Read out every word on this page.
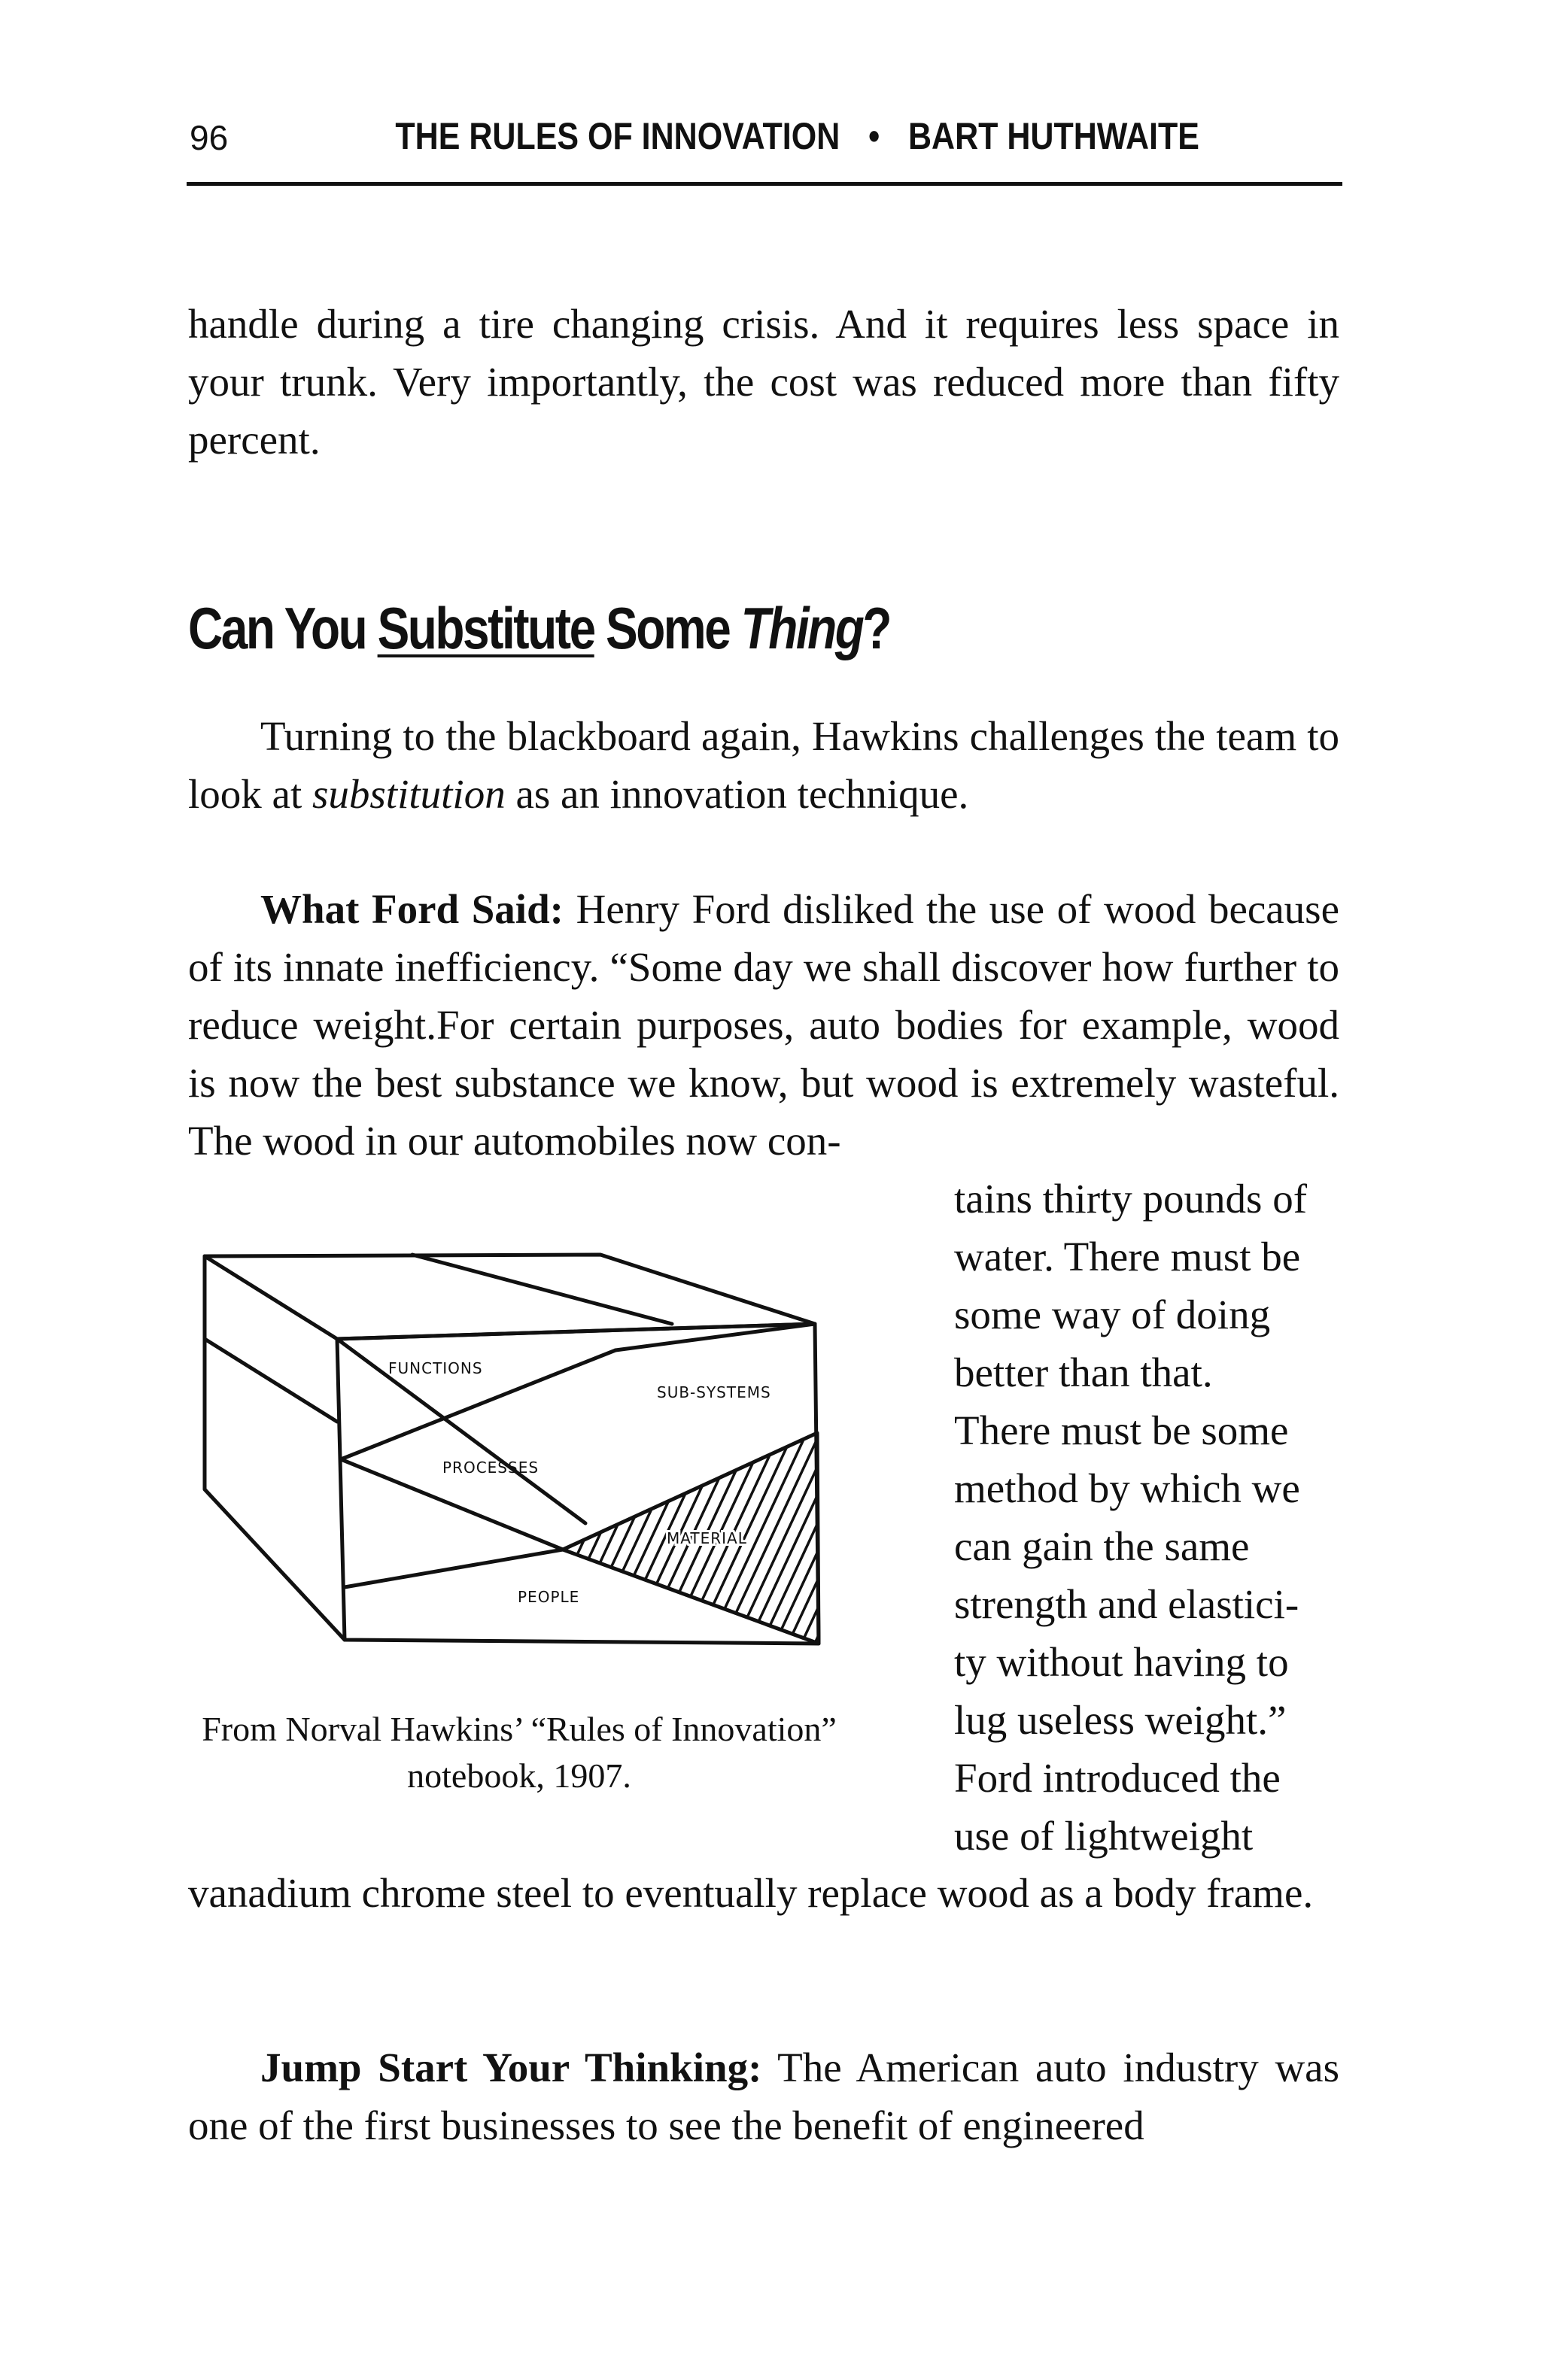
96	THE RULES OF INNOVATION • BART HUTHWAITE

handle during a tire changing crisis. And it requires less space in your trunk. Very importantly, the cost was reduced more than fifty percent.

Can You Substitute Some Thing?

Turning to the blackboard again, Hawkins challenges the team to look at substitution as an innovation technique.

What Ford Said: Henry Ford disliked the use of wood because of its innate inefficiency. “Some day we shall discover how further to reduce weight.For certain purposes, auto bodies for example, wood is now the best substance we know, but wood is extremely wasteful. The wood in our automobiles now con-

tains thirty pounds of
water. There must be
some way of doing
better than that.
There must be some
method by which we
can gain the same
strength and elastici-
ty without having to
lug useless weight.”
Ford introduced the
use of lightweight

vanadium chrome steel to eventually replace wood as a body frame.

FUNCTIONS
SUB-SYSTEMS
PROCESSES
MATERIAL
PEOPLE
From Norval Hawkins’ “Rules of Innovation”
notebook, 1907.

Jump Start Your Thinking: The American auto industry was one of the first businesses to see the benefit of engineered
